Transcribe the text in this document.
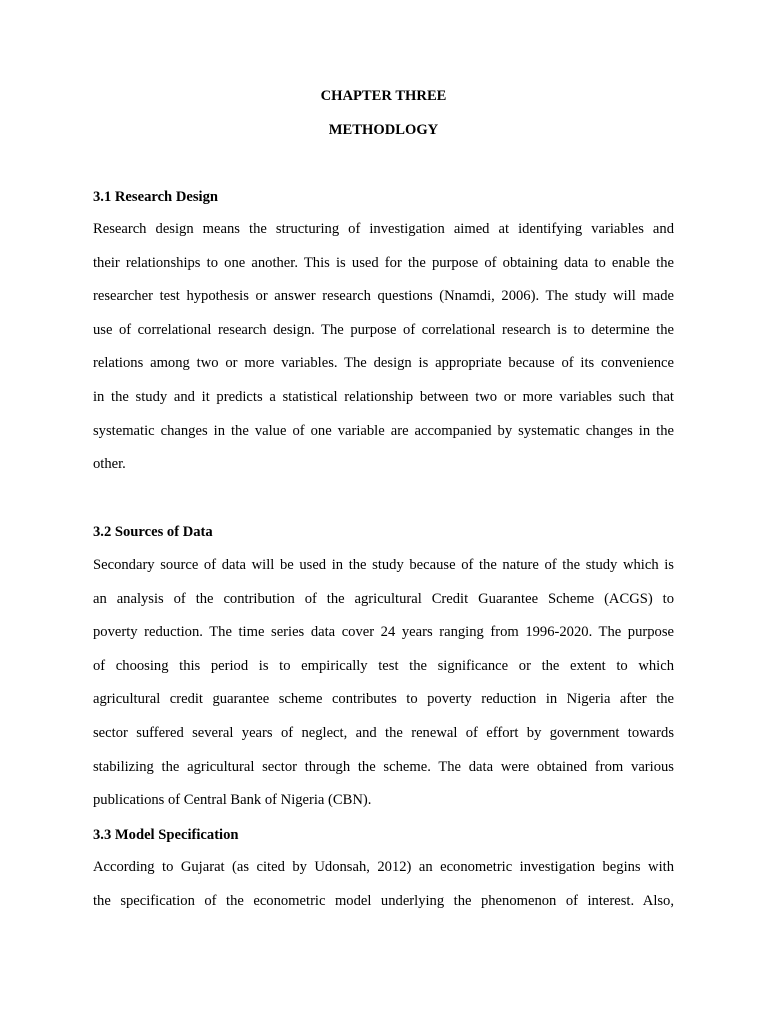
CHAPTER THREE
METHODLOGY
3.1 Research Design
Research design means the structuring of investigation aimed at identifying variables and
their relationships to one another. This is used for the purpose of obtaining data to enable the
researcher test hypothesis or answer research questions (Nnamdi, 2006). The study will made
use of correlational research design. The purpose of correlational research is to determine the
relations among two or more variables. The design is appropriate because of its convenience
in the study and it predicts a statistical relationship between two or more variables such that
systematic changes in the value of one variable are accompanied by systematic changes in the
other.
3.2 Sources of Data
Secondary source of data will be used in the study because of the nature of the study which is
an analysis of the contribution of the agricultural Credit Guarantee Scheme (ACGS) to
poverty reduction. The time series data cover 24 years ranging from 1996-2020. The purpose
of choosing this period is to empirically test the significance or the extent to which
agricultural credit guarantee scheme contributes to poverty reduction in Nigeria after the
sector suffered several years of neglect, and the renewal of effort by government towards
stabilizing the agricultural sector through the scheme. The data were obtained from various
publications of Central Bank of Nigeria (CBN).
3.3 Model Specification
According to Gujarat (as cited by Udonsah, 2012) an econometric investigation begins with
the specification of the econometric model underlying the phenomenon of interest. Also,
